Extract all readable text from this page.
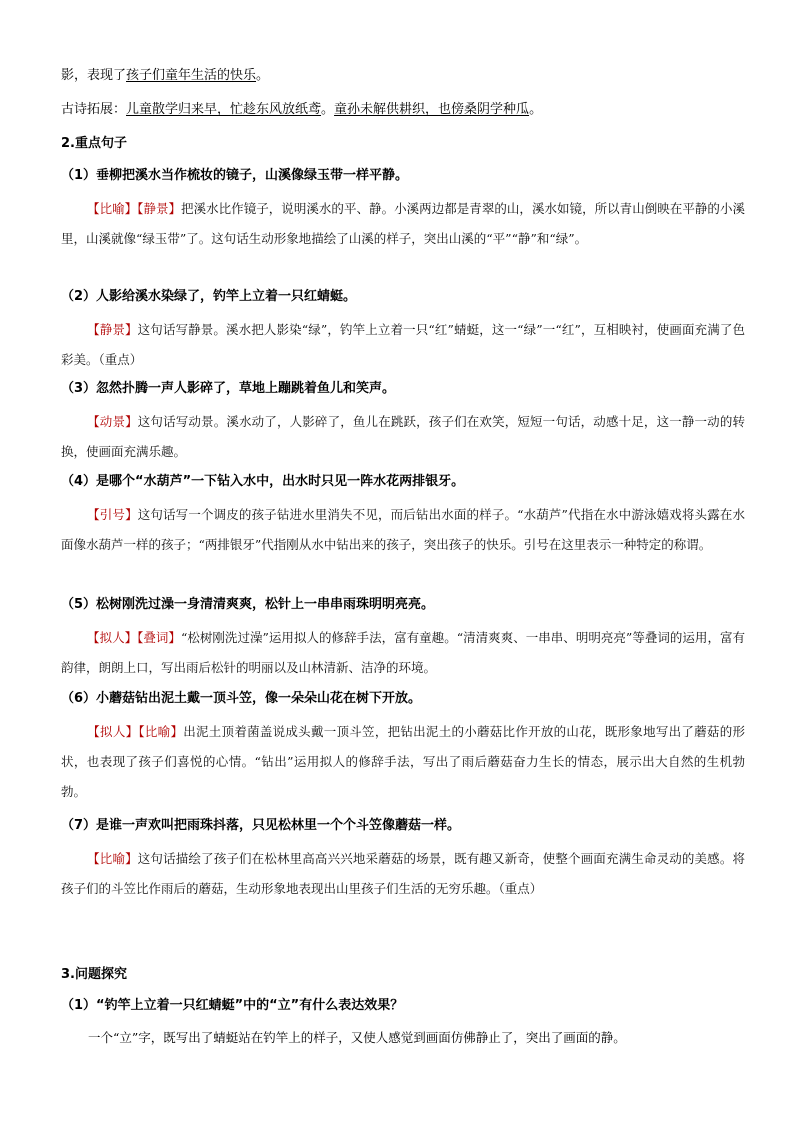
影，表现了孩子们童年生活的快乐。
古诗拓展：儿童散学归来早，忙趁东风放纸鸢。童孙未解供耕织，也傍桑阴学种瓜。
2.重点句子
（1）垂柳把溪水当作梳妆的镜子，山溪像绿玉带一样平静。
【比喻】【静景】把溪水比作镜子，说明溪水的平、静。小溪两边都是青翠的山，溪水如镜，所以青山倒映在平静的小溪里，山溪就像“绿玉带”了。这句话生动形象地描绘了山溪的样子，突出山溪的“平”“静”和“绿”。
（2）人影给溪水染绿了，钓竿上立着一只红蜻蜓。
【静景】这句话写静景。溪水把人影染“绿”，钓竿上立着一只“红”蜻蜓，这一“绿”一“红”，互相映衬，使画面充满了色彩美。（重点）
（3）忽然扑腾一声人影碎了，草地上蹦跳着鱼儿和笑声。
【动景】这句话写动景。溪水动了，人影碎了，鱼儿在跳跃，孩子们在欢笑，短短一句话，动感十足，这一静一动的转换，使画面充满乐趣。
（4）是哪个“水葫芦”一下钻入水中，出水时只见一阵水花两排银牙。
【引号】这句话写一个调皮的孩子钻进水里消失不见，而后钻出水面的样子。“水葫芦”代指在水中游泳嬉戏将头露在水面像水葫芦一样的孩子；“两排银牙”代指刚从水中钻出来的孩子，突出孩子的快乐。引号在这里表示一种特定的称谓。
（5）松树刚洗过澡一身清清爽爽，松针上一串串雨珠明明亮亮。
【拟人】【叠词】“松树刚洗过澡”运用拟人的修辞手法，富有童趣。“清清爽爽、一串串、明明亮亮”等叠词的运用，富有韵律，朗朗上口，写出雨后松针的明丽以及山林清新、洁净的环境。
（6）小蘑菇钻出泥土戴一顶斗笠，像一朵朵山花在树下开放。
【拟人】【比喻】出泥土顶着菌盖说成头戴一顶斗笠，把钻出泥土的小蘑菇比作开放的山花，既形象地写出了蘑菇的形状，也表现了孩子们喜悦的心情。“钻出”运用拟人的修辞手法，写出了雨后蘑菇奋力生长的情态，展示出大自然的生机勃勃。
（7）是谁一声欢叫把雨珠抖落，只见松林里一个个斗笠像蘑菇一样。
【比喻】这句话描绘了孩子们在松林里高高兴兴地采蘑菇的场景，既有趣又新奇，使整个画面充满生命灵动的美感。将孩子们的斗笠比作雨后的蘑菇，生动形象地表现出山里孩子们生活的无穷乐趣。（重点）
3.问题探究
（1）“钓竿上立着一只红蜻蜓”中的“立”有什么表达效果？
一个“立”字，既写出了蜻蜓站在钓竿上的样子，又使人感觉到画面仿佛静止了，突出了画面的静。
